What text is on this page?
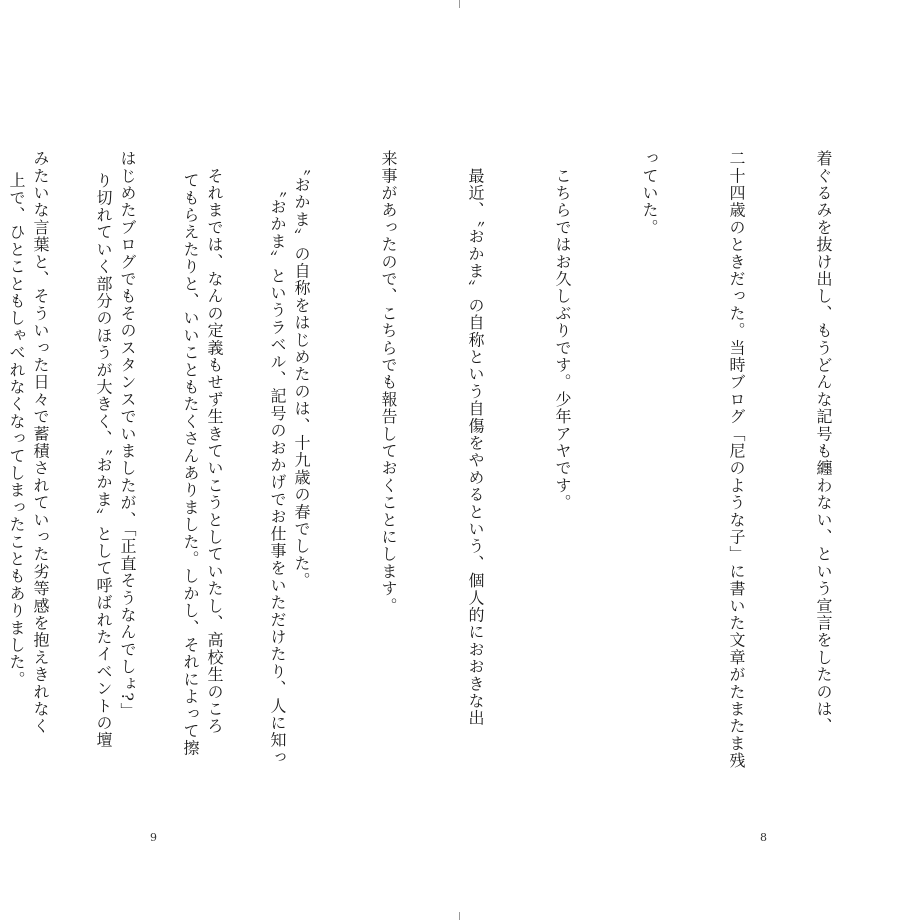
着ぐるみを抜け出し、もうどんな記号も纏わない、という宣言をしたのは、

二十四歳のときだった。当時ブログ「尼のような子」に書いた文章がたまたま残

っていた。

　こちらではお久しぶりです。少年アヤです。

　最近、〝おかま〟の自称という自傷をやめるという、個人的におおきな出

来事があったので、こちらでも報告しておくことにします。

　〝おかま〟の自称をはじめたのは、十九歳の春でした。

　それまでは、なんの定義もせず生きていこうとしていたし、高校生のころ

はじめたブログでもそのスタンスでいましたが、「正直そうなんでしょ?」

みたいな言葉と、そういった日々で蓄積されていった劣等感を抱えきれなく

	　〝おかま〟というラベル、記号のおかげでお仕事をいただけたり、人に知っ

てもらえたりと、いいこともたくさんありました。しかし、それによって擦

り切れていく部分のほうが大きく、〝おかま〟として呼ばれたイベントの壇

上で、ひとこともしゃべれなくなってしまったこともありました。

9	8
